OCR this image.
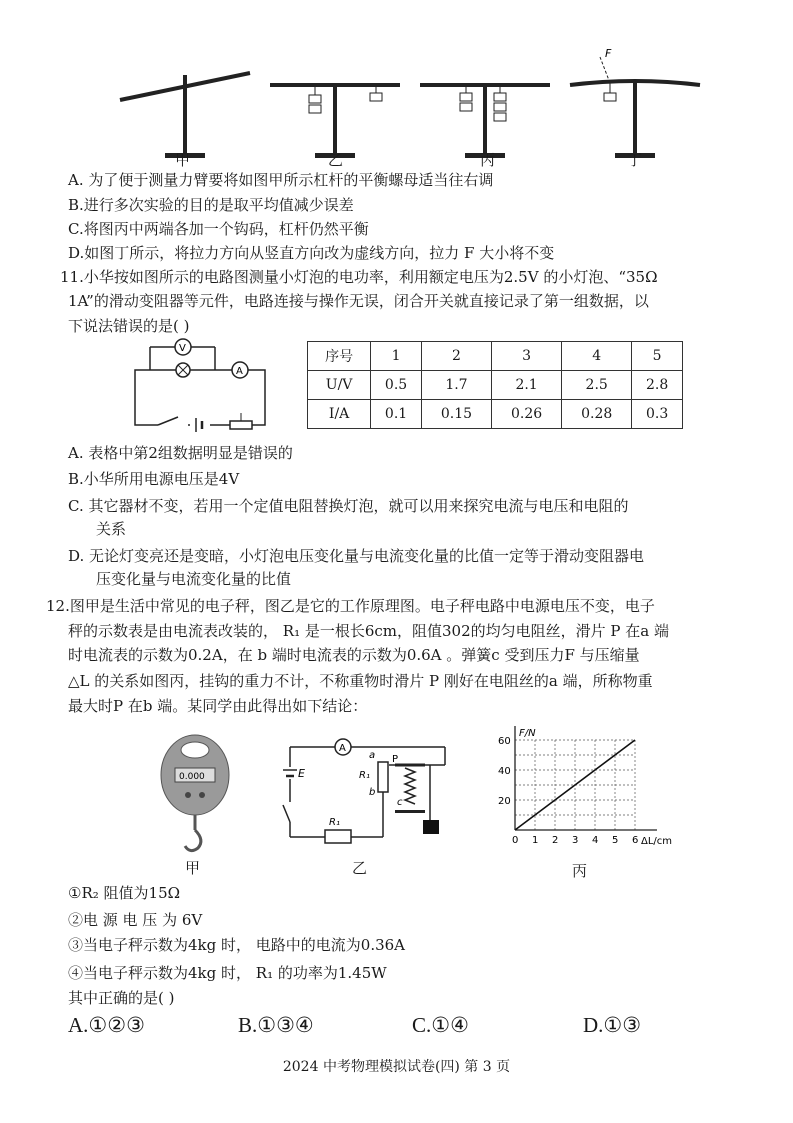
F
甲	乙	丙	丁
A. 为了便于测量力臂要将如图甲所示杠杆的平衡螺母适当往右调
B.进行多次实验的目的是取平均值减少误差
C.将图丙中两端各加一个钩码，杠杆仍然平衡
D.如图丁所示，将拉力方向从竖直方向改为虚线方向，拉力 F 大小将不变
11.小华按如图所示的电路图测量小灯泡的电功率，利用额定电压为2.5V 的小灯泡、“35Ω
1A”的滑动变阻器等元件，电路连接与操作无误，闭合开关就直接记录了第一组数据，以
下说法错误的是( )
V
A
序号	1	2	3	4	5
U/V	0.5	1.7	2.1	2.5	2.8
I/A	0.1	0.15	0.26	0.28	0.3
A. 表格中第2组数据明显是错误的
B.小华所用电源电压是4V
C. 其它器材不变，若用一个定值电阻替换灯泡，就可以用来探究电流与电压和电阻的
关系
D. 无论灯变亮还是变暗，小灯泡电压变化量与电流变化量的比值一定等于滑动变阻器电
压变化量与电流变化量的比值
12.图甲是生活中常见的电子秤，图乙是它的工作原理图。电子秤电路中电源电压不变，电子
秤的示数表是由电流表改装的， R₁ 是一根长6cm，阻值302的均匀电阻丝，滑片 P 在a 端
时电流表的示数为0.2A，在 b 端时电流表的示数为0.6A 。弹簧c 受到压力F 与压缩量
△L 的关系如图丙，挂钩的重力不计，不称重物时滑片 P 刚好在电阻丝的a 端，所称物重
最大时P 在b 端。某同学由此得出如下结论：
0.000
A
E
R₁
a
b
R₁
P
c
F/N
ΔL/cm
0 1 2 3 4 5 6
20
40
60
甲	乙	丙
①R₂ 阻值为15Ω
②电 源 电 压 为 6V
③当电子秤示数为4kg 时， 电路中的电流为0.36A
④当电子秤示数为4kg 时， R₁ 的功率为1.45W
其中正确的是( )
A.①②③	B.①③④	C.①④	D.①③
2024 中考物理模拟试卷(四) 第 3 页
